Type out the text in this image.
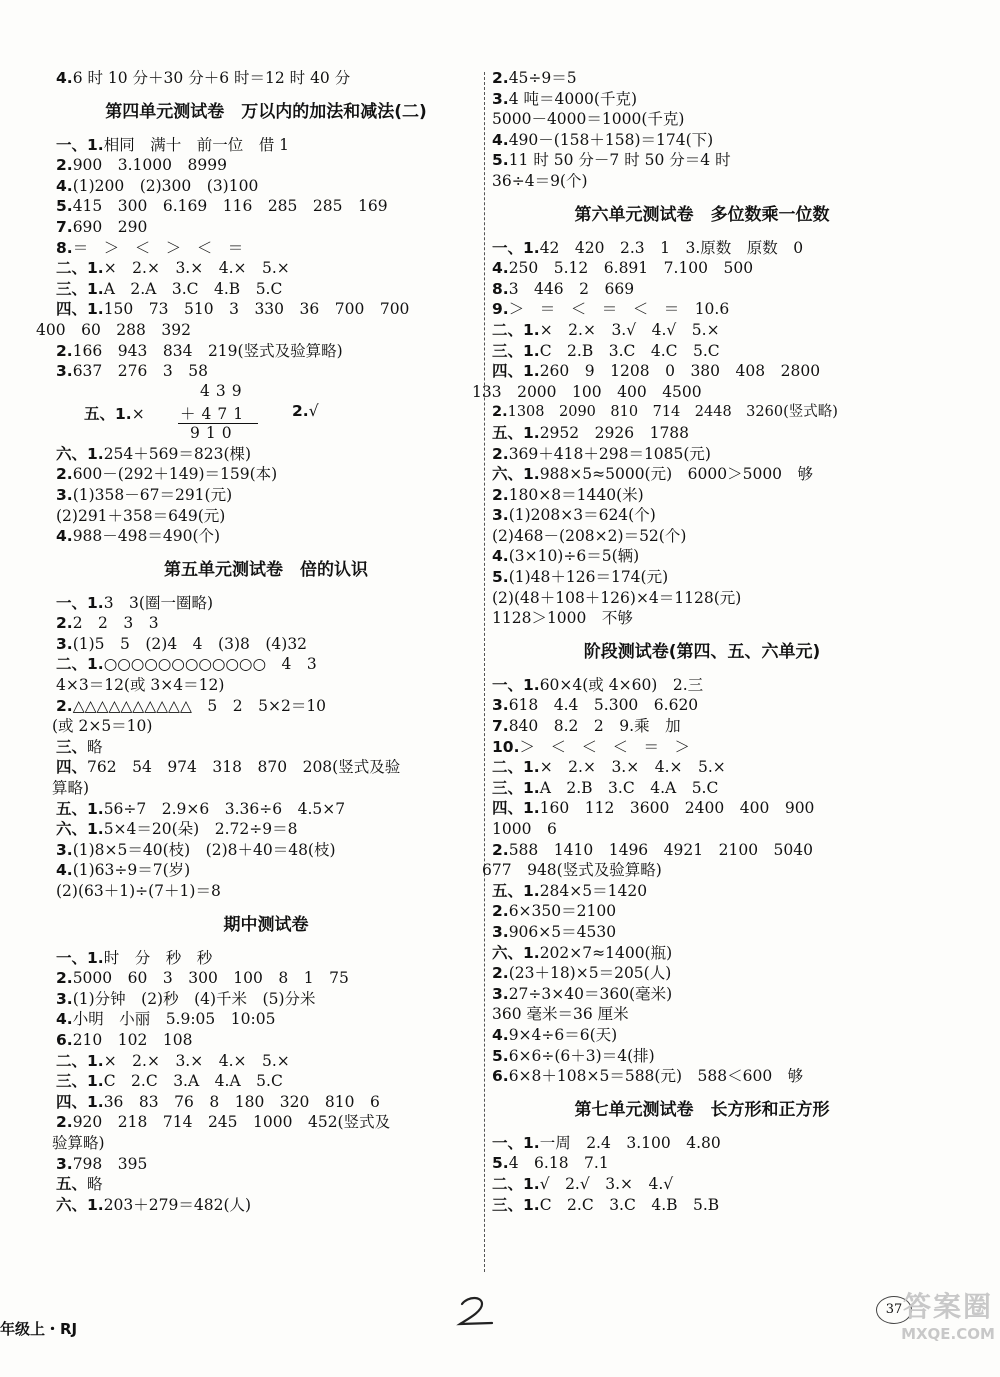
4.6 时 10 分＋30 分＋6 时＝12 时 40 分
第四单元测试卷　万以内的加法和减法(二)
一、1.相同　满十　前一位　借 1
2.900　3.1000　8999
4.(1)200　(2)300　(3)100
5.415　300　6.169　116　285　285　169
7.690　290
8.＝　＞　＜　＞　＜　＝
二、1.×　2.×　3.×　4.×　5.×
三、1.A　2.A　3.C　4.B　5.C
四、1.150　73　510　3　330　36　700　700
400　60　288　392
2.166　943　834　219(竖式及验算略)
3.637　276　3　58
五、1.×
439
＋471
910
2.√
六、1.254＋569＝823(棵)
2.600－(292＋149)＝159(本)
3.(1)358－67＝291(元)
(2)291＋358＝649(元)
4.988－498＝490(个)
第五单元测试卷　倍的认识
一、1.3　3(圈一圈略)
2.2　2　3　3
3.(1)5　5　(2)4　4　(3)8　(4)32
二、1.○○○○○○○○○○○○　4　3
4×3＝12(或 3×4＝12)
2.△△△△△△△△△△　5　2　5×2＝10
(或 2×5＝10)
三、略
四、762　54　974　318　870　208(竖式及验
算略)
五、1.56÷7　2.9×6　3.36÷6　4.5×7
六、1.5×4＝20(朵)　2.72÷9＝8
3.(1)8×5＝40(枝)　(2)8＋40＝48(枝)
4.(1)63÷9＝7(岁)
(2)(63＋1)÷(7＋1)＝8
期中测试卷
一、1.时　分　秒　秒
2.5000　60　3　300　100　8　1　75
3.(1)分钟　(2)秒　(4)千米　(5)分米
4.小明　小丽　5.9:05　10:05
6.210　102　108
二、1.×　2.×　3.×　4.×　5.×
三、1.C　2.C　3.A　4.A　5.C
四、1.36　83　76　8　180　320　810　6
2.920　218　714　245　1000　452(竖式及
验算略)
3.798　395
五、略
六、1.203＋279＝482(人)
2.45÷9＝5
3.4 吨＝4000(千克)
5000－4000＝1000(千克)
4.490－(158＋158)＝174(下)
5.11 时 50 分－7 时 50 分＝4 时
36÷4＝9(个)
第六单元测试卷　多位数乘一位数
一、1.42　420　2.3　1　3.原数　原数　0
4.250　5.12　6.891　7.100　500
8.3　446　2　669
9.＞　＝　＜　＝　＜　＝　10.6
二、1.×　2.×　3.√　4.√　5.×
三、1.C　2.B　3.C　4.C　5.C
四、1.260　9　1208　0　380　408　2800
133　2000　100　400　4500
2.1308　2090　810　714　2448　3260(竖式略)
五、1.2952　2926　1788
2.369＋418＋298＝1085(元)
六、1.988×5≈5000(元)　6000＞5000　够
2.180×8＝1440(米)
3.(1)208×3＝624(个)
(2)468－(208×2)＝52(个)
4.(3×10)÷6＝5(辆)
5.(1)48＋126＝174(元)
(2)(48＋108＋126)×4＝1128(元)
1128＞1000　不够
阶段测试卷(第四、五、六单元)
一、1.60×4(或 4×60)　2.三
3.618　4.4　5.300　6.620
7.840　8.2　2　9.乘　加
10.＞　＜　＜　＜　＝　＞
二、1.×　2.×　3.×　4.×　5.×
三、1.A　2.B　3.C　4.A　5.C
四、1.160　112　3600　2400　400　900
1000　6
2.588　1410　1496　4921　2100　5040
677　948(竖式及验算略)
五、1.284×5＝1420
2.6×350＝2100
3.906×5＝4530
六、1.202×7≈1400(瓶)
2.(23＋18)×5＝205(人)
3.27÷3×40＝360(毫米)
360 毫米＝36 厘米
4.9×4÷6＝6(天)
5.6×6÷(6＋3)＝4(排)
6.6×8＋108×5＝588(元)　588＜600　够
第七单元测试卷　长方形和正方形
一、1.一周　2.4　3.100　4.80
5.4　6.18　7.1
二、1.√　2.√　3.×　4.√
三、1.C　2.C　3.C　4.B　5.B
年级上・RJ
37 答案圈
MXQE.COM
